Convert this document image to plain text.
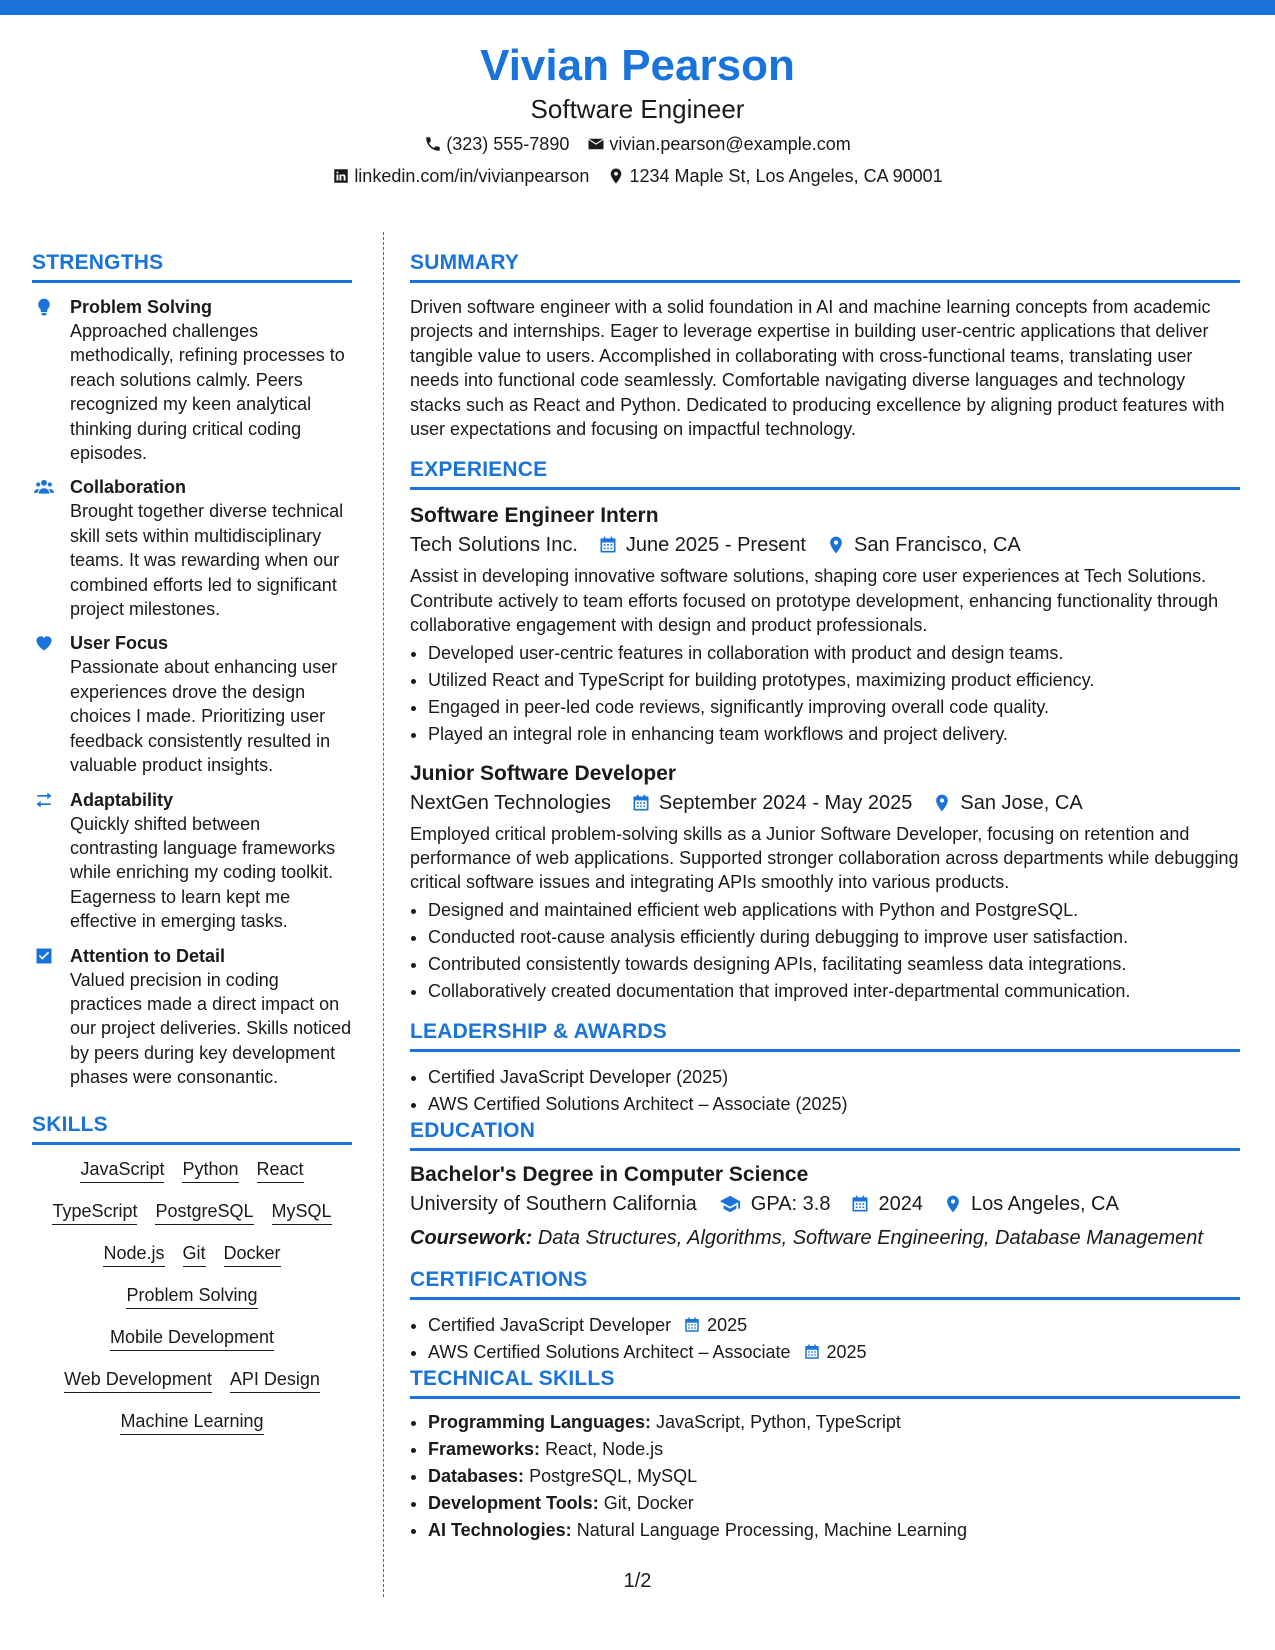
Vivian Pearson
Software Engineer
(323) 555-7890 vivian.pearson@example.com
linkedin.com/in/vivianpearson 1234 Maple St, Los Angeles, CA 90001
STRENGTHS
Problem Solving
Approached challenges methodically, refining processes to reach solutions calmly. Peers recognized my keen analytical thinking during critical coding episodes.
Collaboration
Brought together diverse technical skill sets within multidisciplinary teams. It was rewarding when our combined efforts led to significant project milestones.
User Focus
Passionate about enhancing user experiences drove the design choices I made. Prioritizing user feedback consistently resulted in valuable product insights.
Adaptability
Quickly shifted between contrasting language frameworks while enriching my coding toolkit. Eagerness to learn kept me effective in emerging tasks.
Attention to Detail
Valued precision in coding practices made a direct impact on our project deliveries. Skills noticed by peers during key development phases were consonantic.
SKILLS
JavaScript Python React
TypeScript PostgreSQL MySQL
Node.js Git Docker
Problem Solving
Mobile Development
Web Development API Design
Machine Learning
SUMMARY

Driven software engineer with a solid foundation in AI and machine learning concepts from academic projects and internships. Eager to leverage expertise in building user-centric applications that deliver tangible value to users. Accomplished in collaborating with cross-functional teams, translating user needs into functional code seamlessly. Comfortable navigating diverse languages and technology stacks such as React and Python. Dedicated to producing excellence by aligning product features with user expectations and focusing on impactful technology.

EXPERIENCE
Software Engineer Intern
Tech Solutions Inc. June 2025 - Present San Francisco, CA

Assist in developing innovative software solutions, shaping core user experiences at Tech Solutions. Contribute actively to team efforts focused on prototype development, enhancing functionality through collaborative engagement with design and product professionals.

• Developed user-centric features in collaboration with product and design teams.
• Utilized React and TypeScript for building prototypes, maximizing product efficiency.
• Engaged in peer-led code reviews, significantly improving overall code quality.
• Played an integral role in enhancing team workflows and project delivery.
Junior Software Developer
NextGen Technologies September 2024 - May 2025 San Jose, CA

Employed critical problem-solving skills as a Junior Software Developer, focusing on retention and performance of web applications. Supported stronger collaboration across departments while debugging critical software issues and integrating APIs smoothly into various products.

• Designed and maintained efficient web applications with Python and PostgreSQL.
• Conducted root-cause analysis efficiently during debugging to improve user satisfaction.
• Contributed consistently towards designing APIs, facilitating seamless data integrations.
• Collaboratively created documentation that improved inter-departmental communication.
LEADERSHIP & AWARDS
• Certified JavaScript Developer (2025)
• AWS Certified Solutions Architect – Associate (2025)
EDUCATION
Bachelor's Degree in Computer Science
University of Southern California	GPA: 3.8 2024 Los Angeles, CA
Coursework: Data Structures, Algorithms, Software Engineering, Database Management
CERTIFICATIONS
• Certified JavaScript Developer 2025
• AWS Certified Solutions Architect – Associate 2025
TECHNICAL SKILLS
• Programming Languages: JavaScript, Python, TypeScript
• Frameworks: React, Node.js
• Databases: PostgreSQL, MySQL
• Development Tools: Git, Docker
• AI Technologies: Natural Language Processing, Machine Learning
1/2
